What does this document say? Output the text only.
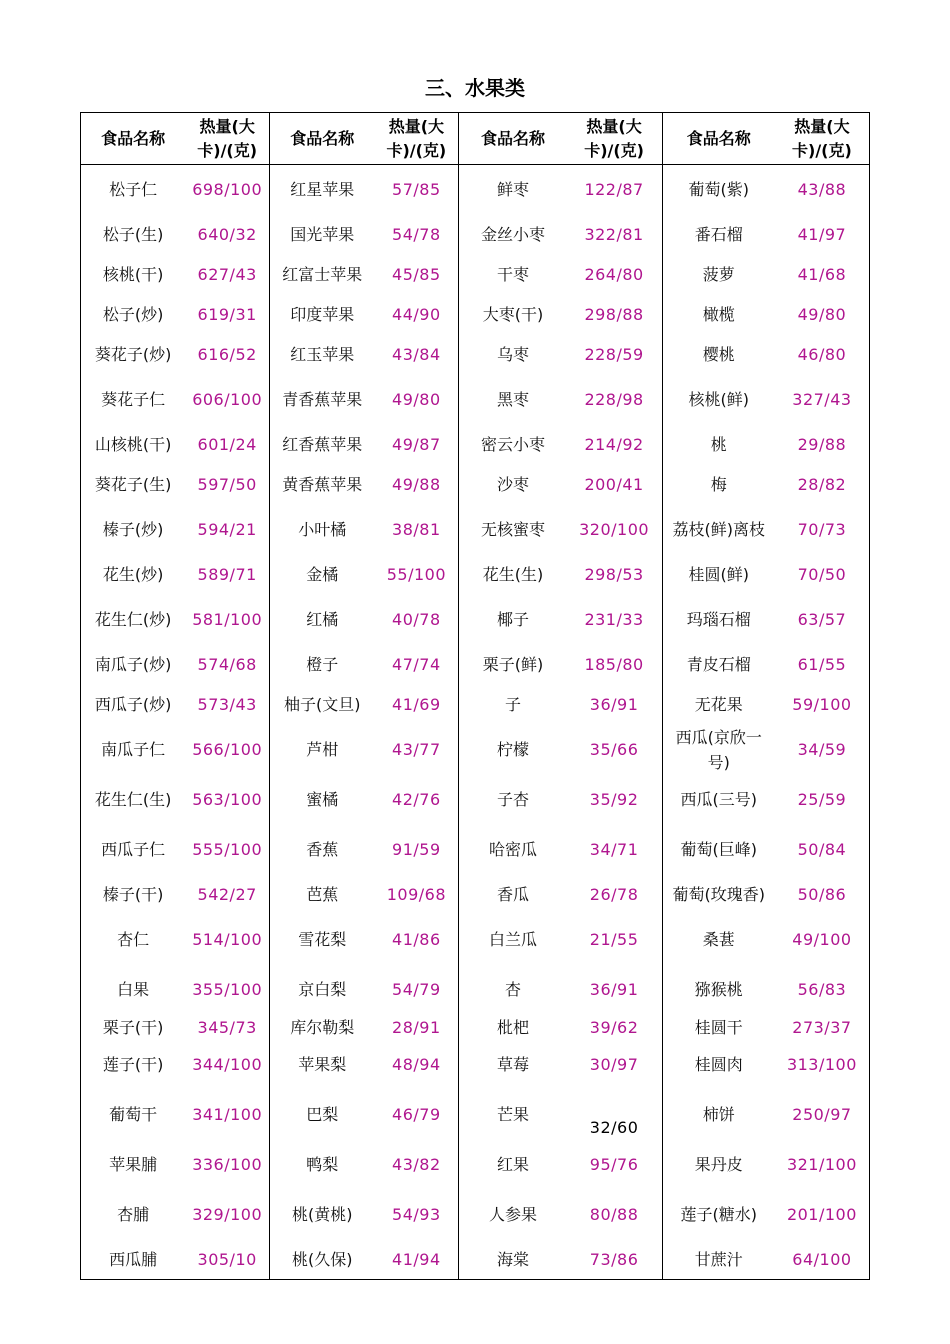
三、水果类
食品名称	热量(大卡)/(克)	食品名称	热量(大卡)/(克)	食品名称	热量(大卡)/(克)	食品名称	热量(大卡)/(克)
松子仁	698/100	红星苹果	57/85	鲜枣	122/87	葡萄(紫)	43/88
松子(生)	640/32	国光苹果	54/78	金丝小枣	322/81	番石榴	41/97
核桃(干)	627/43	红富士苹果	45/85	干枣	264/80	菠萝	41/68
松子(炒)	619/31	印度苹果	44/90	大枣(干)	298/88	橄榄	49/80
葵花子(炒)	616/52	红玉苹果	43/84	乌枣	228/59	樱桃	46/80
葵花子仁	606/100	青香蕉苹果	49/80	黑枣	228/98	核桃(鲜)	327/43
山核桃(干)	601/24	红香蕉苹果	49/87	密云小枣	214/92	桃	29/88
葵花子(生)	597/50	黄香蕉苹果	49/88	沙枣	200/41	梅	28/82
榛子(炒)	594/21	小叶橘	38/81	无核蜜枣	320/100	荔枝(鲜)离枝	70/73
花生(炒)	589/71	金橘	55/100	花生(生)	298/53	桂圆(鲜)	70/50
花生仁(炒)	581/100	红橘	40/78	椰子	231/33	玛瑙石榴	63/57
南瓜子(炒)	574/68	橙子	47/74	栗子(鲜)	185/80	青皮石榴	61/55
西瓜子(炒)	573/43	柚子(文旦)	41/69	子	36/91	无花果	59/100
南瓜子仁	566/100	芦柑	43/77	柠檬	35/66	西瓜(京欣一号)	34/59
花生仁(生)	563/100	蜜橘	42/76	子杏	35/92	西瓜(三号)	25/59
西瓜子仁	555/100	香蕉	91/59	哈密瓜	34/71	葡萄(巨峰)	50/84
榛子(干)	542/27	芭蕉	109/68	香瓜	26/78	葡萄(玫瑰香)	50/86
杏仁	514/100	雪花梨	41/86	白兰瓜	21/55	桑葚	49/100
白果	355/100	京白梨	54/79	杏	36/91	猕猴桃	56/83
栗子(干)	345/73	库尔勒梨	28/91	枇杷	39/62	桂圆干	273/37
莲子(干)	344/100	苹果梨	48/94	草莓	30/97	桂圆肉	313/100
葡萄干	341/100	巴梨	46/79	芒果	32/60	柿饼	250/97
苹果脯	336/100	鸭梨	43/82	红果	95/76	果丹皮	321/100
杏脯	329/100	桃(黄桃)	54/93	人参果	80/88	莲子(糖水)	201/100
西瓜脯	305/10	桃(久保)	41/94	海棠	73/86	甘蔗汁	64/100
